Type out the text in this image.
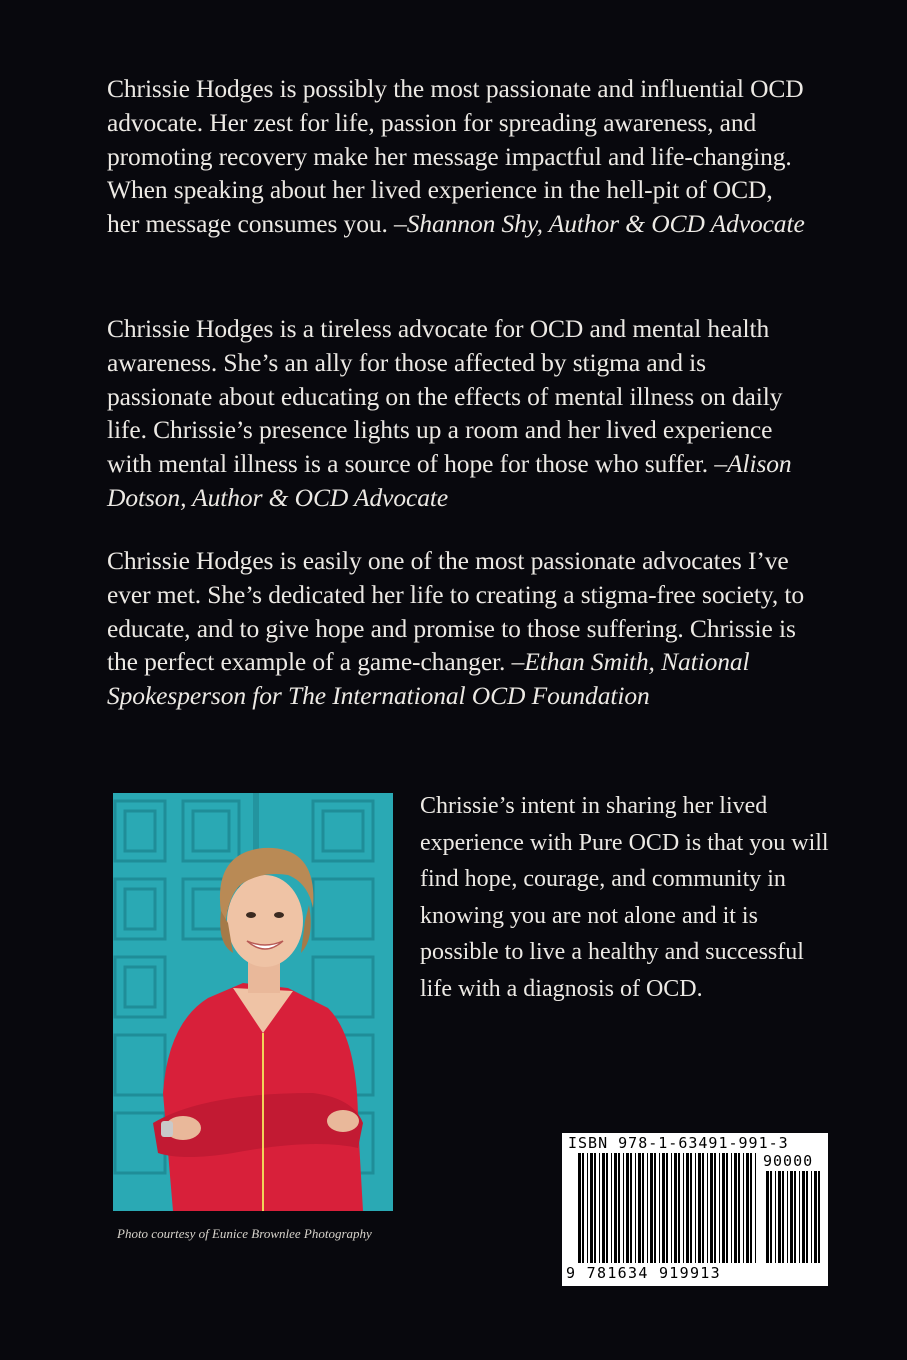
Chrissie Hodges is possibly the most passionate and influential OCD advocate. Her zest for life, passion for spreading awareness, and promoting recovery make her message impactful and life-changing. When speaking about her lived experience in the hell-pit of OCD, her message consumes you. –Shannon Shy, Author & OCD Advocate

Chrissie Hodges is a tireless advocate for OCD and mental health awareness. She’s an ally for those affected by stigma and is passionate about educating on the effects of mental illness on daily life. Chrissie’s presence lights up a room and her lived experience with mental illness is a source of hope for those who suffer. –Alison Dotson, Author & OCD Advocate

Chrissie Hodges is easily one of the most passionate advocates I’ve ever met. She’s dedicated her life to creating a stigma-free society, to educate, and to give hope and promise to those suffering. Chrissie is the perfect example of a game-changer. –Ethan Smith, National Spokesperson for The International OCD Foundation

Photo courtesy of Eunice Brownlee Photography

Chrissie’s intent in sharing her lived experience with Pure OCD is that you will find hope, courage, and community in knowing you are not alone and it is possible to live a healthy and successful life with a diagnosis of OCD.

ISBN 978-1-63491-991-3
90000
9 781634 919913
